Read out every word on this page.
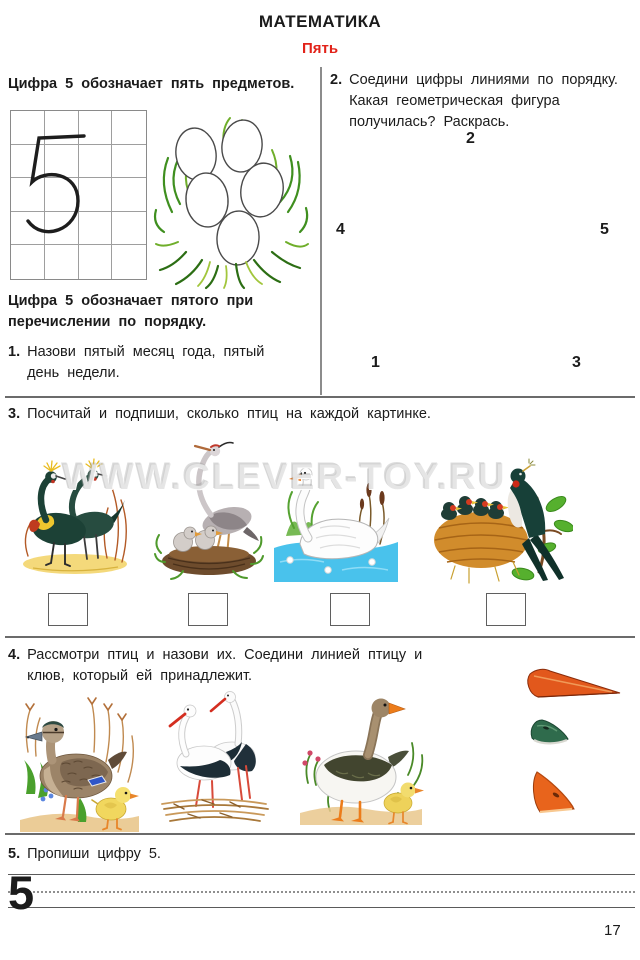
МАТЕМАТИКА
Пять
Цифра 5 обозначает пять предметов.
Цифра 5 обозначает пятого при перечислении по порядку.
1. Назови пятый месяц года, пятый день недели.
2. Соедини цифры линиями по порядку. Какая геометрическая фигура получилась? Раскрась.
2
4	5
1	3
3. Посчитай и подпиши, сколько птиц на каждой картинке.
WWW.CLEVER-TOY.RU
4. Рассмотри птиц и назови их. Соедини линией птицу и клюв, который ей принадлежит.
5. Пропиши цифру 5.
5
17
